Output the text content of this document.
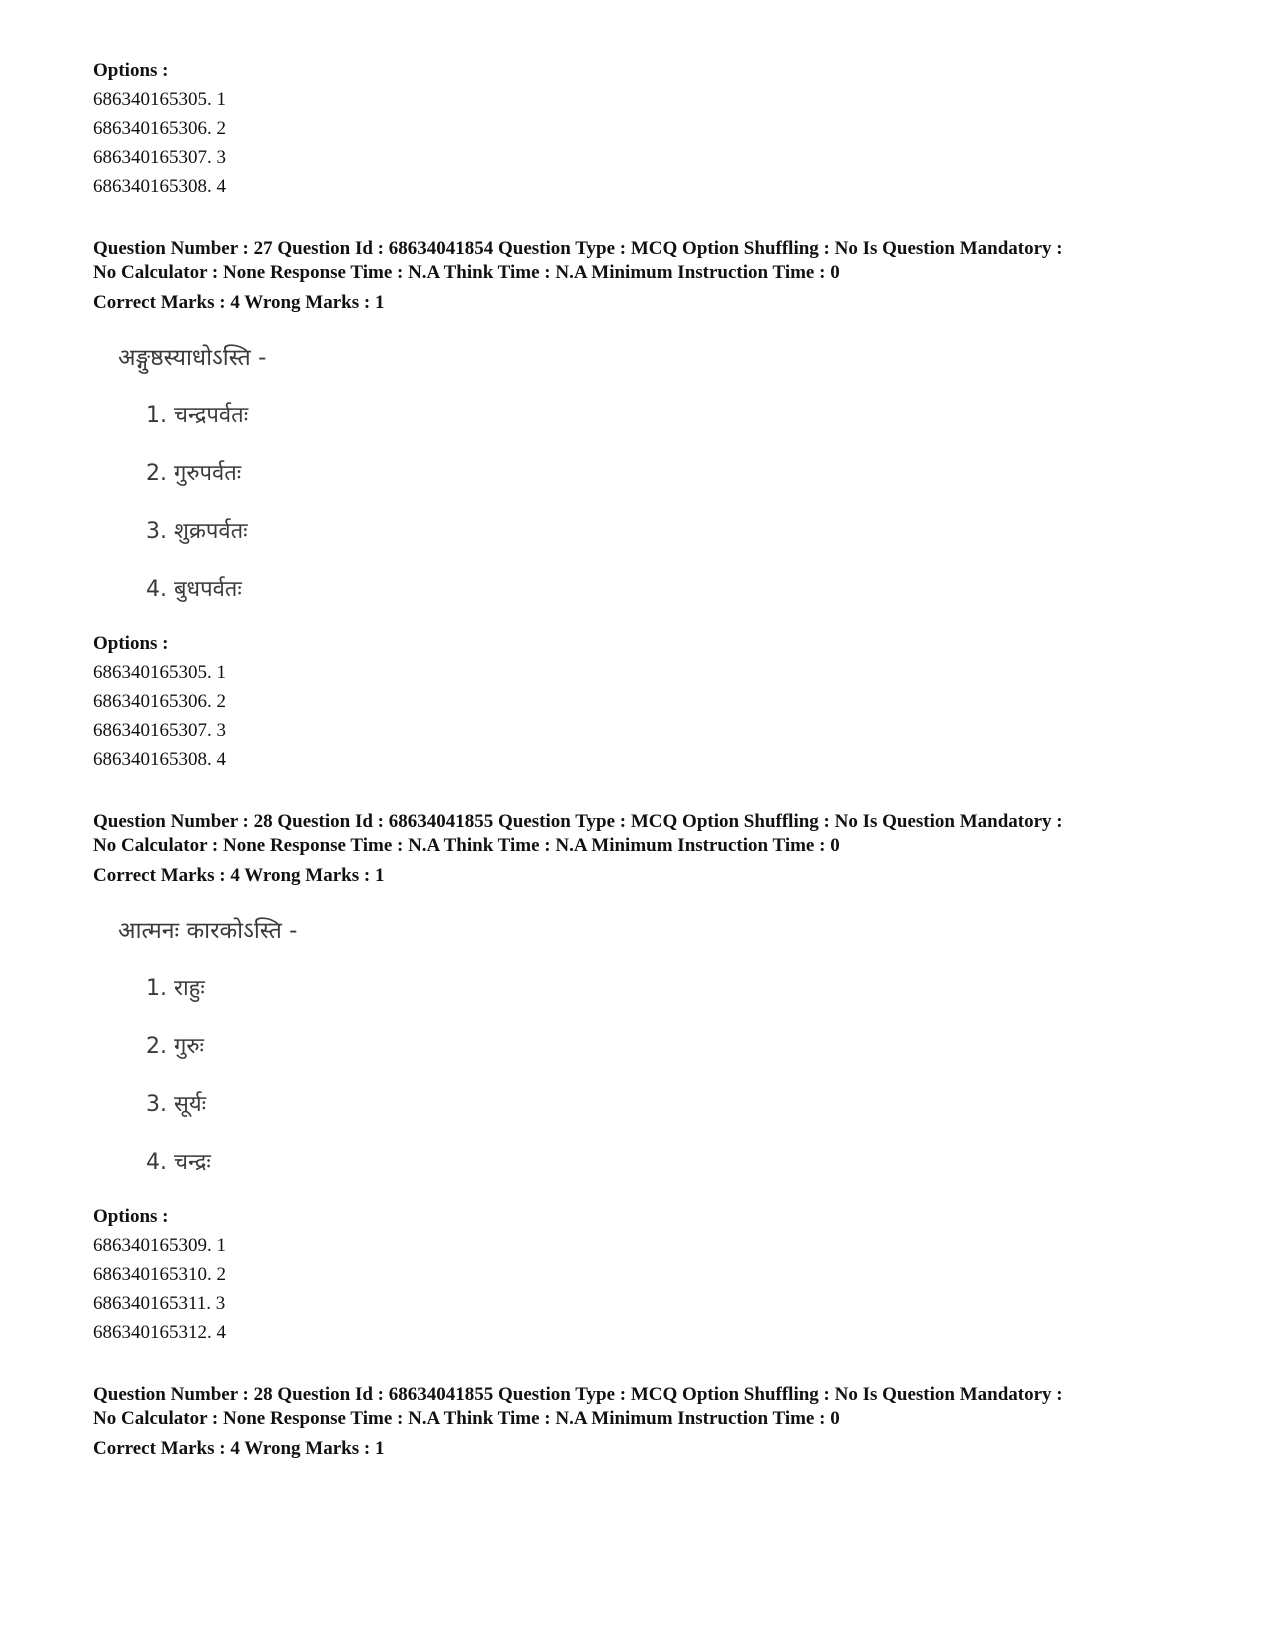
Options :
686340165305. 1
686340165306. 2
686340165307. 3
686340165308. 4
Question Number : 27 Question Id : 68634041854 Question Type : MCQ Option Shuffling : No Is Question Mandatory :
No Calculator : None Response Time : N.A Think Time : N.A Minimum Instruction Time : 0
Correct Marks : 4 Wrong Marks : 1
अङ्गुष्ठस्याधोऽस्ति -
1. चन्द्रपर्वतः
2. गुरुपर्वतः
3. शुक्रपर्वतः
4. बुधपर्वतः
Options :
686340165305. 1
686340165306. 2
686340165307. 3
686340165308. 4
Question Number : 28 Question Id : 68634041855 Question Type : MCQ Option Shuffling : No Is Question Mandatory :
No Calculator : None Response Time : N.A Think Time : N.A Minimum Instruction Time : 0
Correct Marks : 4 Wrong Marks : 1
आत्मनः कारकोऽस्ति -
1. राहुः
2. गुरुः
3. सूर्यः
4. चन्द्रः
Options :
686340165309. 1
686340165310. 2
686340165311. 3
686340165312. 4
Question Number : 28 Question Id : 68634041855 Question Type : MCQ Option Shuffling : No Is Question Mandatory :
No Calculator : None Response Time : N.A Think Time : N.A Minimum Instruction Time : 0
Correct Marks : 4 Wrong Marks : 1
